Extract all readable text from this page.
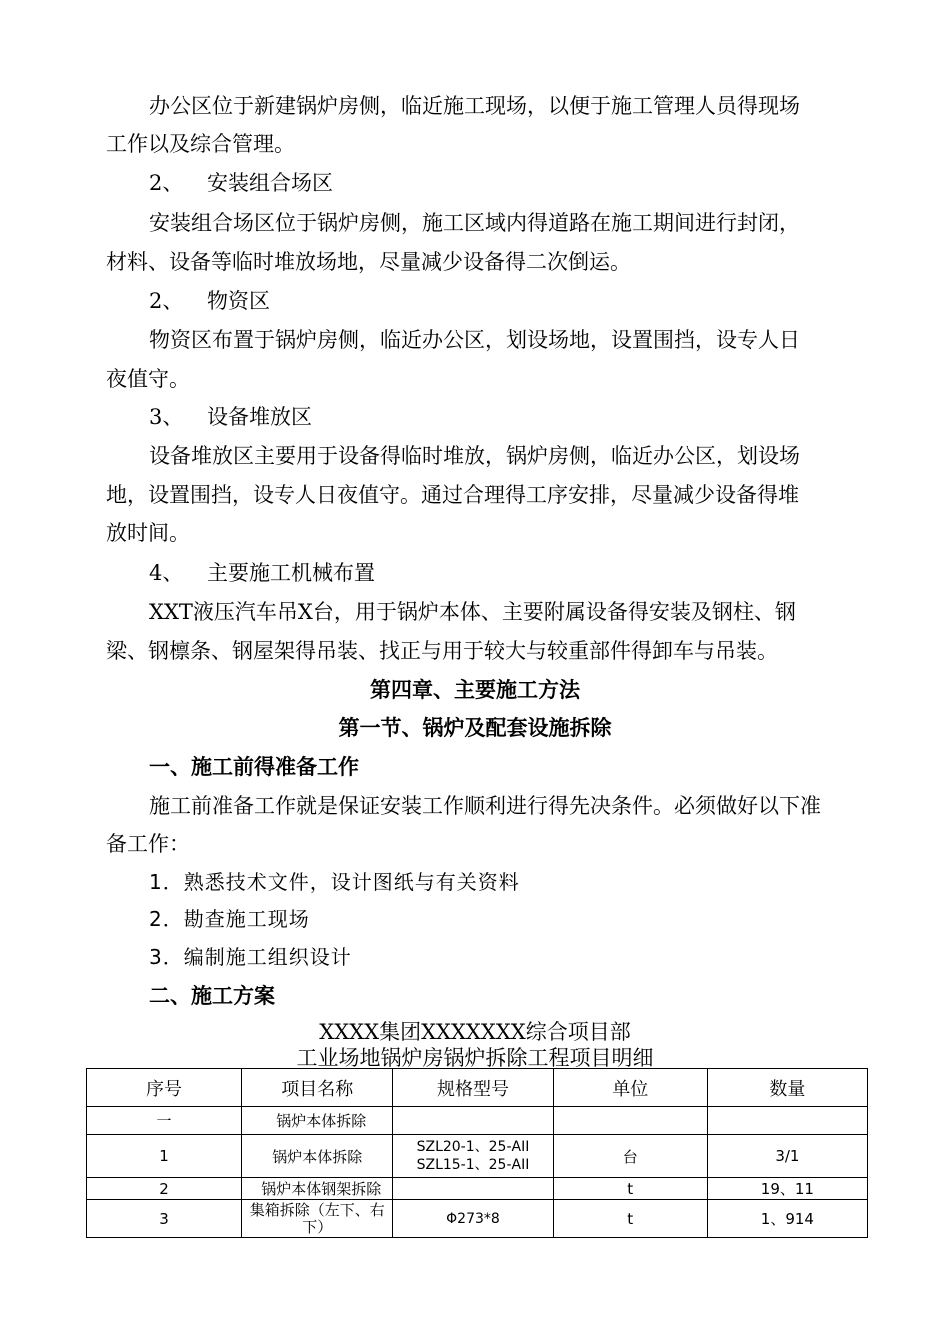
办公区位于新建锅炉房侧，临近施工现场，以便于施工管理人员得现场
工作以及综合管理。
2、 安装组合场区
安装组合场区位于锅炉房侧，施工区域内得道路在施工期间进行封闭，
材料、设备等临时堆放场地，尽量减少设备得二次倒运。
2、 物资区
物资区布置于锅炉房侧，临近办公区，划设场地，设置围挡，设专人日
夜值守。
3、 设备堆放区
设备堆放区主要用于设备得临时堆放，锅炉房侧，临近办公区，划设场
地，设置围挡，设专人日夜值守。通过合理得工序安排，尽量减少设备得堆
放时间。
4、 主要施工机械布置
XXT液压汽车吊X台，用于锅炉本体、主要附属设备得安装及钢柱、钢
梁、钢檩条、钢屋架得吊装、找正与用于较大与较重部件得卸车与吊装。
第四章、主要施工方法
第一节、锅炉及配套设施拆除
一、施工前得准备工作
施工前准备工作就是保证安装工作顺利进行得先决条件。必须做好以下准
备工作：
1．熟悉技术文件，设计图纸与有关资料
2．勘查施工现场
3．编制施工组织设计
二、施工方案
XXXX集团XXXXXXX综合项目部
工业场地锅炉房锅炉拆除工程项目明细
序号	项目名称	规格型号	单位	数量
一	锅炉本体拆除			
1	锅炉本体拆除	SZL20-1、25-AII
SZL15-1、25-AII	台	3/1
2	锅炉本体钢架拆除		t	19、11
3	集箱拆除（左下、右下）	Φ273*8	t	1、914
